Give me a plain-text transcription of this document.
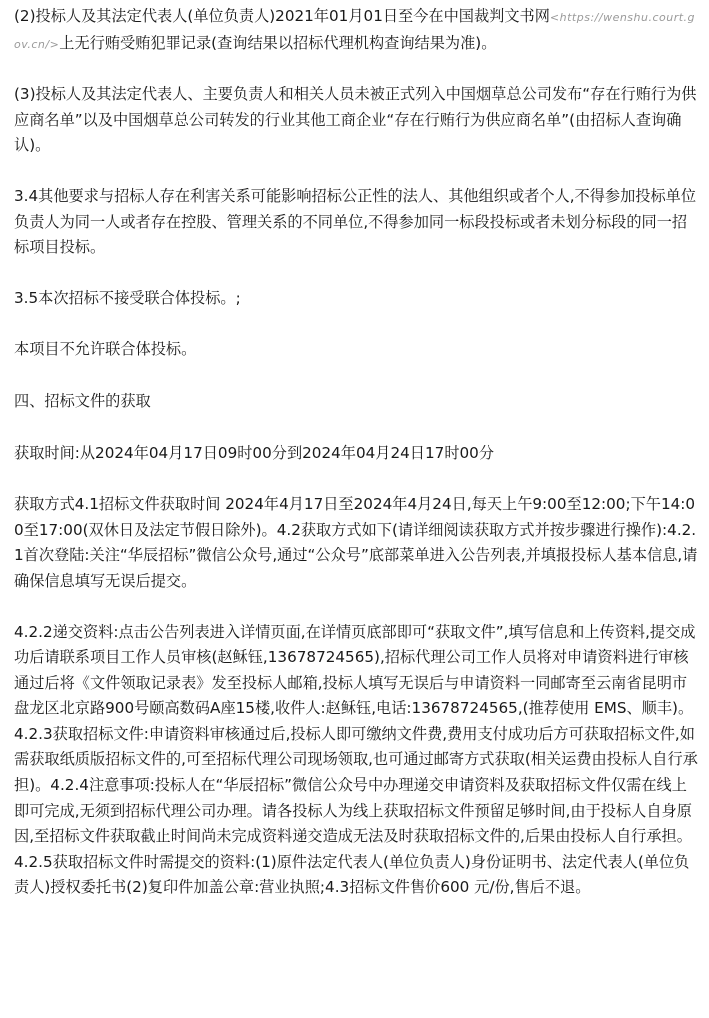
(2)投标人及其法定代表人(单位负责人)2021年01月01日至今在中国裁判文书网<https://wenshu.court.gov.cn/>上无行贿受贿犯罪记录(查询结果以招标代理机构查询结果为准)。

(3)投标人及其法定代表人、主要负责人和相关人员未被正式列入中国烟草总公司发布“存在行贿行为供应商名单”以及中国烟草总公司转发的行业其他工商企业“存在行贿行为供应商名单”(由招标人查询确认)。

3.4其他要求与招标人存在利害关系可能影响招标公正性的法人、其他组织或者个人,不得参加投标单位负责人为同一人或者存在控股、管理关系的不同单位,不得参加同一标段投标或者未划分标段的同一招标项目投标。

3.5本次招标不接受联合体投标。;

本项目不允许联合体投标。

四、招标文件的获取

获取时间:从2024年04月17日09时00分到2024年04月24日17时00分

获取方式4.1招标文件获取时间 2024年4月17日至2024年4月24日,每天上午9:00至12:00;下午14:00至17:00(双休日及法定节假日除外)。4.2获取方式如下(请详细阅读获取方式并按步骤进行操作):4.2.1首次登陆:关注“华辰招标”微信公众号,通过“公众号”底部菜单进入公告列表,并填报投标人基本信息,请确保信息填写无误后提交。

4.2.2递交资料:点击公告列表进入详情页面,在详情页底部即可“获取文件”,填写信息和上传资料,提交成功后请联系项目工作人员审核(赵稣钰,13678724565),招标代理公司工作人员将对申请资料进行审核通过后将《文件领取记录表》发至投标人邮箱,投标人填写无误后与申请资料一同邮寄至云南省昆明市盘龙区北京路900号颐高数码A座15楼,收件人:赵稣钰,电话:13678724565,(推荐使用 EMS、顺丰)。4.2.3获取招标文件:申请资料审核通过后,投标人即可缴纳文件费,费用支付成功后方可获取招标文件,如需获取纸质版招标文件的,可至招标代理公司现场领取,也可通过邮寄方式获取(相关运费由投标人自行承担)。4.2.4注意事项:投标人在“华辰招标”微信公众号中办理递交申请资料及获取招标文件仅需在线上即可完成,无须到招标代理公司办理。请各投标人为线上获取招标文件预留足够时间,由于投标人自身原因,至招标文件获取截止时间尚未完成资料递交造成无法及时获取招标文件的,后果由投标人自行承担。4.2.5获取招标文件时需提交的资料:(1)原件法定代表人(单位负责人)身份证明书、法定代表人(单位负责人)授权委托书(2)复印件加盖公章:营业执照;4.3招标文件售价600 元/份,售后不退。
